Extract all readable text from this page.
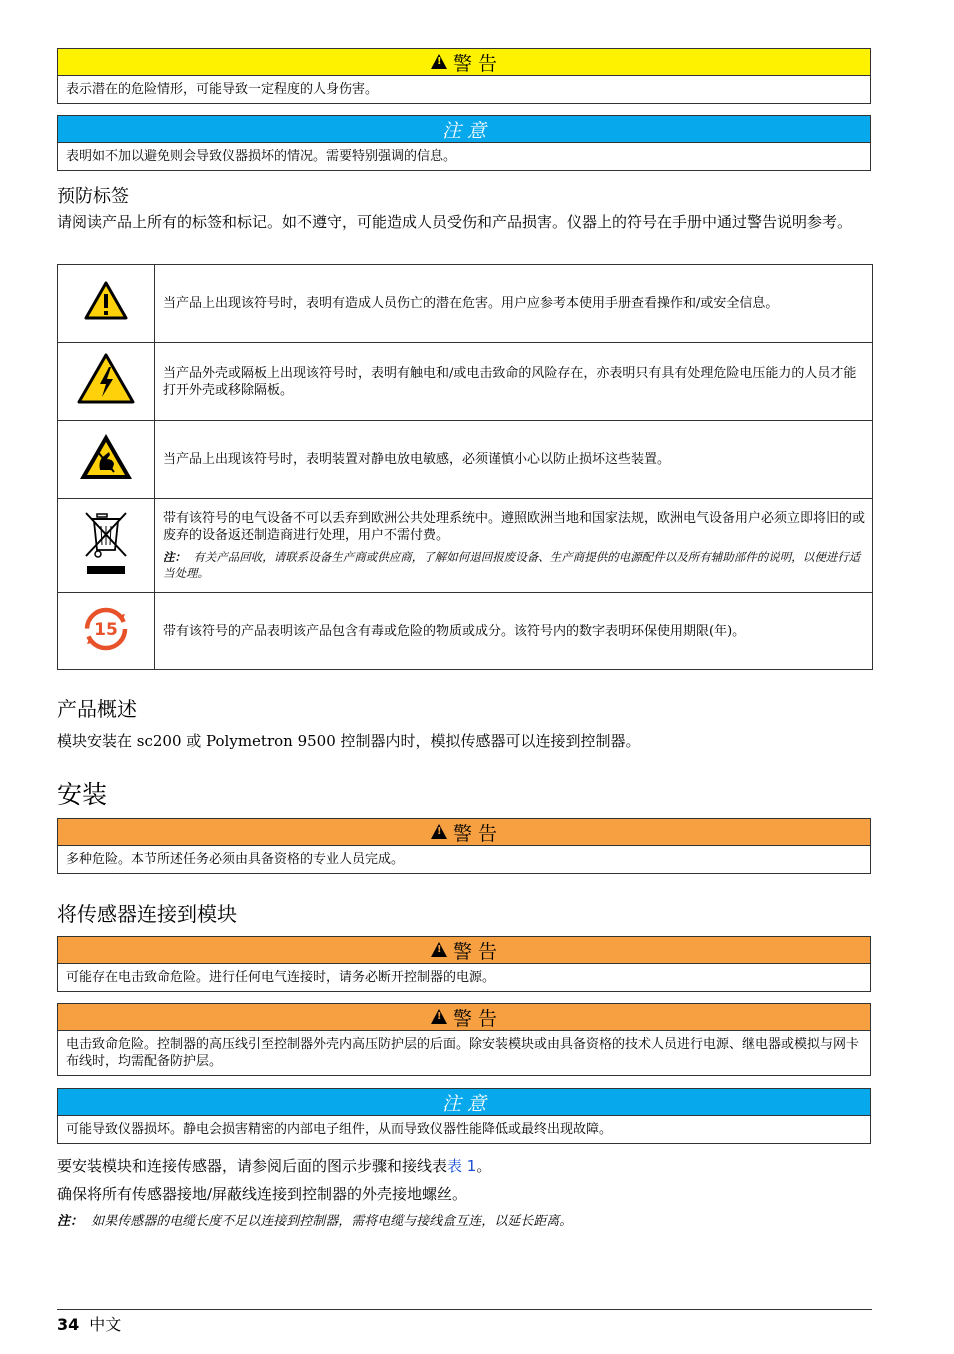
!
警 告
表示潜在的危险情形，可能导致一定程度的人身伤害。
注 意
表明如不加以避免则会导致仪器损坏的情况。需要特别强调的信息。
预防标签
请阅读产品上所有的标签和标记。如不遵守，可能造成人员受伤和产品损害。仪器上的符号在手册中通过警告说明参考。
	当产品上出现该符号时，表明有造成人员伤亡的潜在危害。用户应参考本使用手册查看操作和/或安全信息。
	当产品外壳或隔板上出现该符号时，表明有触电和/或电击致命的风险存在，亦表明只有具有处理危险电压能力的人员才能打开外壳或移除隔板。
	当产品上出现该符号时，表明装置对静电放电敏感，必须谨慎小心以防止损坏这些装置。

带有该符号的电气设备不可以丢弃到欧洲公共处理系统中。遵照欧洲当地和国家法规，欧洲电气设备用户必须立即将旧的或废弃的设备返还制造商进行处理，用户不需付费。
注： 有关产品回收，请联系设备生产商或供应商，了解如何退回报废设备、生产商提供的电源配件以及所有辅助部件的说明，以便进行适当处理。

15	带有该符号的产品表明该产品包含有毒或危险的物质或成分。该符号内的数字表明环保使用期限(年)。
产品概述
模块安装在 sc200 或 Polymetron 9500 控制器内时，模拟传感器可以连接到控制器。
安装
!
警 告
多种危险。本节所述任务必须由具备资格的专业人员完成。
将传感器连接到模块
!
警 告
可能存在电击致命危险。进行任何电气连接时，请务必断开控制器的电源。
!
警 告
电击致命危险。控制器的高压线引至控制器外壳内高压防护层的后面。除安装模块或由具备资格的技术人员进行电源、继电器或模拟与网卡布线时，均需配备防护层。
注 意
可能导致仪器损坏。静电会损害精密的内部电子组件，从而导致仪器性能降低或最终出现故障。
要安装模块和连接传感器，请参阅后面的图示步骤和接线表表 1。
确保将所有传感器接地/屏蔽线连接到控制器的外壳接地螺丝。
注： 如果传感器的电缆长度不足以连接到控制器，需将电缆与接线盒互连，以延长距离。
34 中文
